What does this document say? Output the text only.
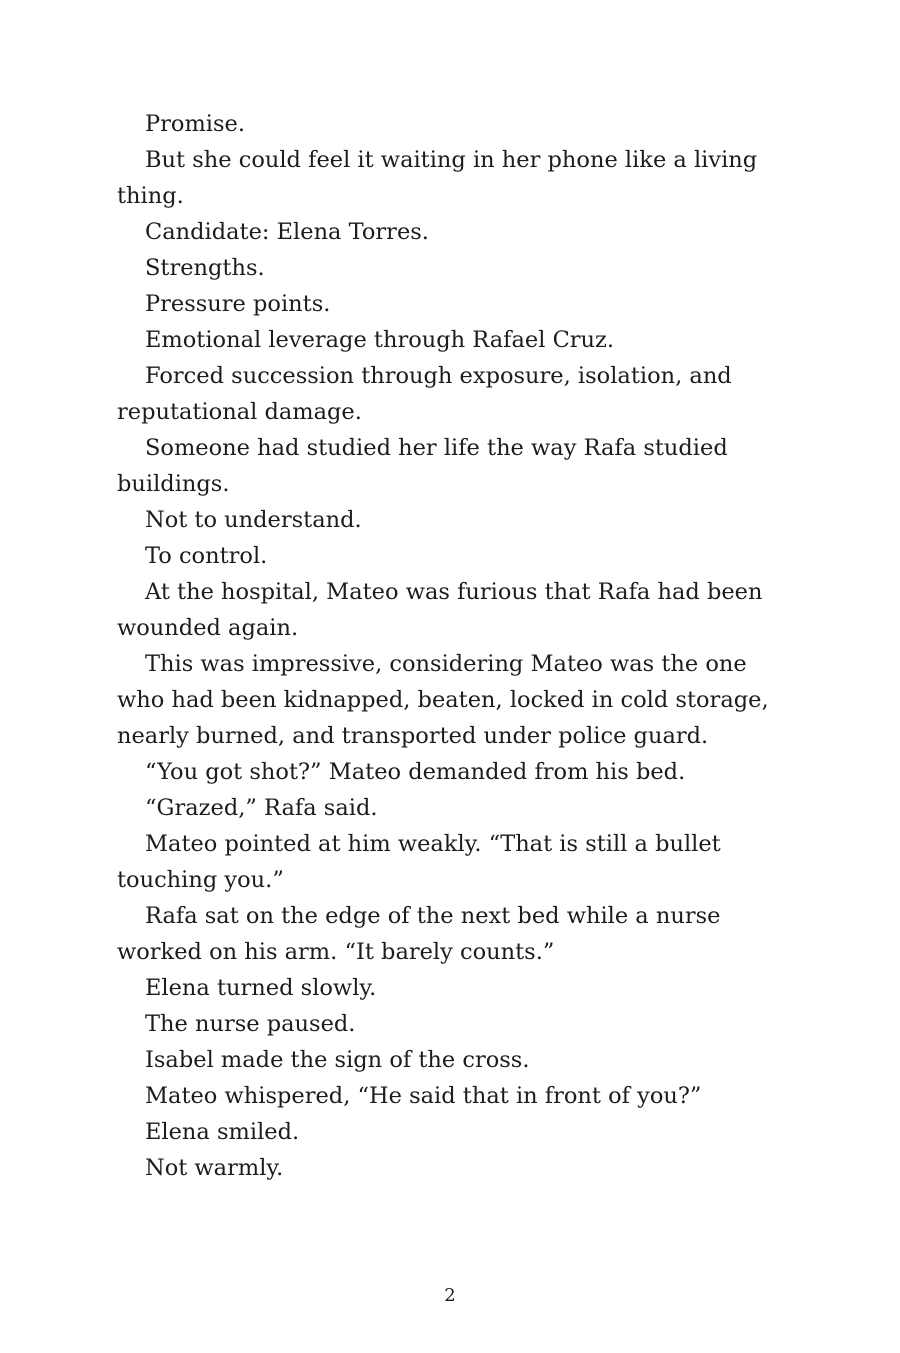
Promise.

But she could feel it waiting in her phone like a living thing.

Candidate: Elena Torres.

Strengths.

Pressure points.

Emotional leverage through Rafael Cruz.

Forced succession through exposure, isolation, and reputational damage.

Someone had studied her life the way Rafa studied buildings.

Not to understand.

To control.

At the hospital, Mateo was furious that Rafa had been wounded again.

This was impressive, considering Mateo was the one who had been kidnapped, beaten, locked in cold storage, nearly burned, and transported under police guard.

“You got shot?” Mateo demanded from his bed.

“Grazed,” Rafa said.

Mateo pointed at him weakly. “That is still a bullet touching you.”

Rafa sat on the edge of the next bed while a nurse worked on his arm. “It barely counts.”

Elena turned slowly.

The nurse paused.

Isabel made the sign of the cross.

Mateo whispered, “He said that in front of you?”

Elena smiled.

Not warmly.

2
